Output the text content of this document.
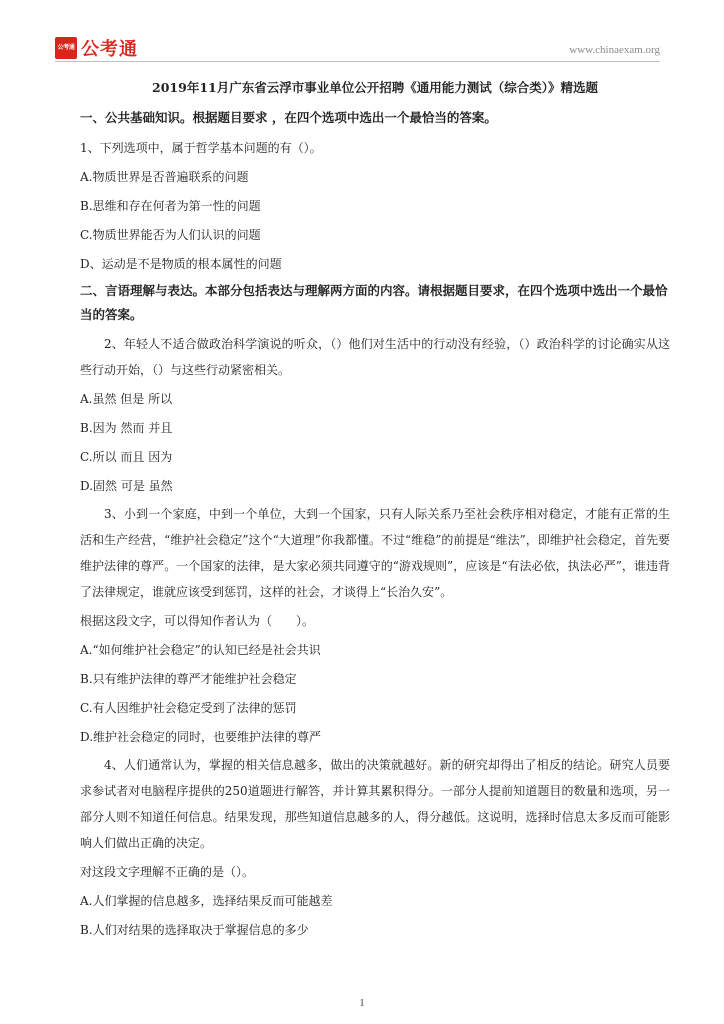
公考通 公考通	www.chinaexam.org
2019年11月广东省云浮市事业单位公开招聘《通用能力测试（综合类）》精选题
一、公共基础知识。根据题目要求 ，在四个选项中选出一个最恰当的答案。

1、下列选项中，属于哲学基本问题的有（）。

A.物质世界是否普遍联系的问题

B.思维和存在何者为第一性的问题

C.物质世界能否为人们认识的问题

D、运动是不是物质的根本属性的问题

二、言语理解与表达。本部分包括表达与理解两方面的内容。请根据题目要求，在四个选项中选出一个最恰当的答案。

2、年轻人不适合做政治科学演说的听众，（）他们对生活中的行动没有经验，（）政治科学的讨论确实从这些行动开始，（）与这些行动紧密相关。

A.虽然 但是 所以

B.因为 然而 并且

C.所以 而且 因为

D.固然 可是 虽然

3、小到一个家庭，中到一个单位，大到一个国家，只有人际关系乃至社会秩序相对稳定，才能有正常的生活和生产经营，“维护社会稳定”这个“大道理”你我都懂。不过“维稳”的前提是“维法”，即维护社会稳定，首先要维护法律的尊严。一个国家的法律，是大家必须共同遵守的“游戏规则”，应该是“有法必依，执法必严”，谁违背了法律规定，谁就应该受到惩罚，这样的社会，才谈得上“长治久安”。

根据这段文字，可以得知作者认为（　　）。

A.“如何维护社会稳定”的认知已经是社会共识

B.只有维护法律的尊严才能维护社会稳定

C.有人因维护社会稳定受到了法律的惩罚

D.维护社会稳定的同时，也要维护法律的尊严

4、人们通常认为，掌握的相关信息越多，做出的决策就越好。新的研究却得出了相反的结论。研究人员要求参试者对电脑程序提供的250道题进行解答，并计算其累积得分。一部分人提前知道题目的数量和选项，另一部分人则不知道任何信息。结果发现，那些知道信息越多的人，得分越低。这说明，选择时信息太多反而可能影响人们做出正确的决定。

对这段文字理解不正确的是（）。

A.人们掌握的信息越多，选择结果反而可能越差

B.人们对结果的选择取决于掌握信息的多少

1
